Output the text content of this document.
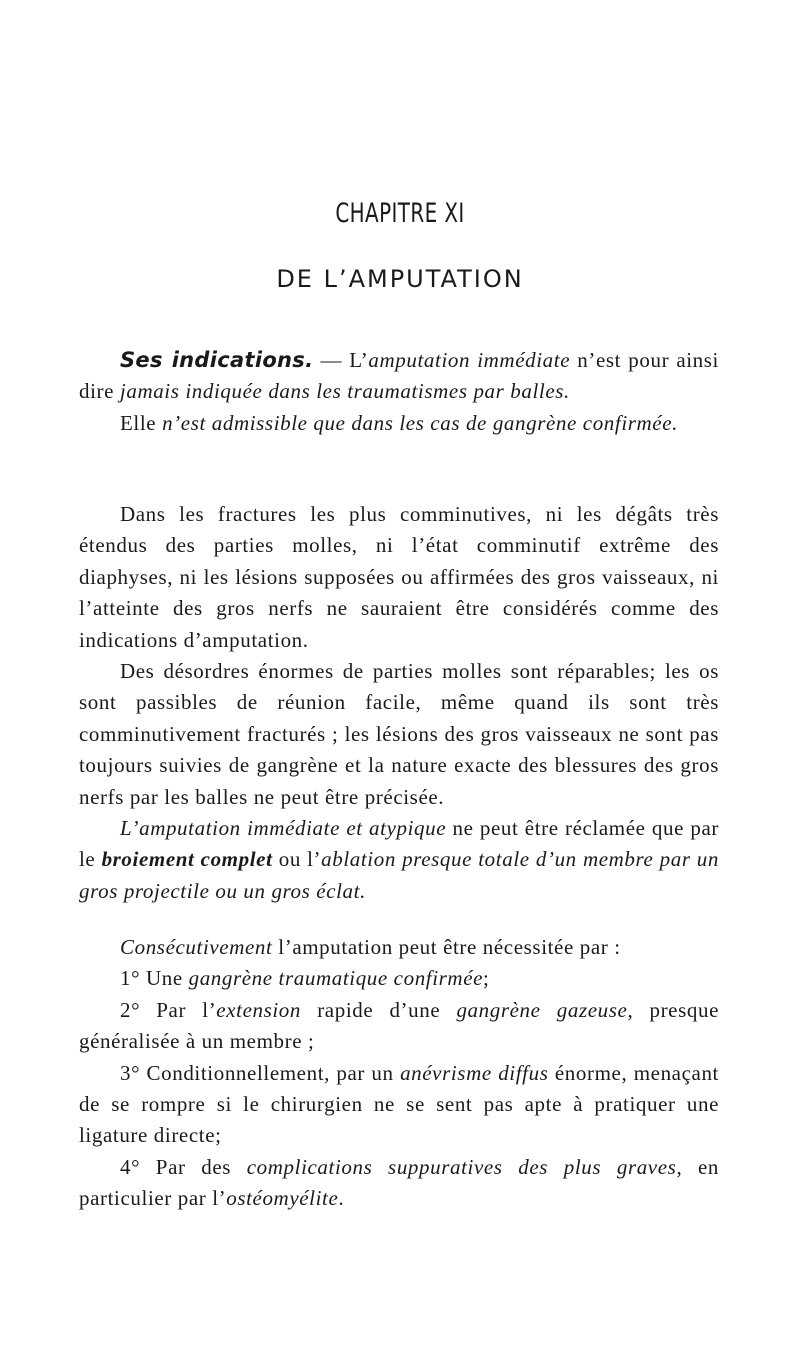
CHAPITRE XI
DE L’AMPUTATION

Ses indications. — L’amputation immédiate n’est pour ainsi dire jamais indiquée dans les traumatismes par balles.

Elle n’est admissible que dans les cas de gangrène confirmée.

Dans les fractures les plus comminutives, ni les dégâts très étendus des parties molles, ni l’état comminutif extrême des diaphyses, ni les lésions supposées ou affirmées des gros vaisseaux, ni l’atteinte des gros nerfs ne sauraient être considérés comme des indications d’amputation.

Des désordres énormes de parties molles sont réparables; les os sont passibles de réunion facile, même quand ils sont très comminutivement fracturés ; les lésions des gros vaisseaux ne sont pas toujours suivies de gangrène et la nature exacte des blessures des gros nerfs par les balles ne peut être précisée.

L’amputation immédiate et atypique ne peut être réclamée que par le broiement complet ou l’ablation presque totale d’un membre par un gros projectile ou un gros éclat.

Consécutivement l’amputation peut être nécessitée par :

1° Une gangrène traumatique confirmée;

2° Par l’extension rapide d’une gangrène gazeuse, presque généralisée à un membre ;

3° Conditionnellement, par un anévrisme diffus énorme, menaçant de se rompre si le chirurgien ne se sent pas apte à pratiquer une ligature directe;

4° Par des complications suppuratives des plus graves, en particulier par l’ostéomyélite.
